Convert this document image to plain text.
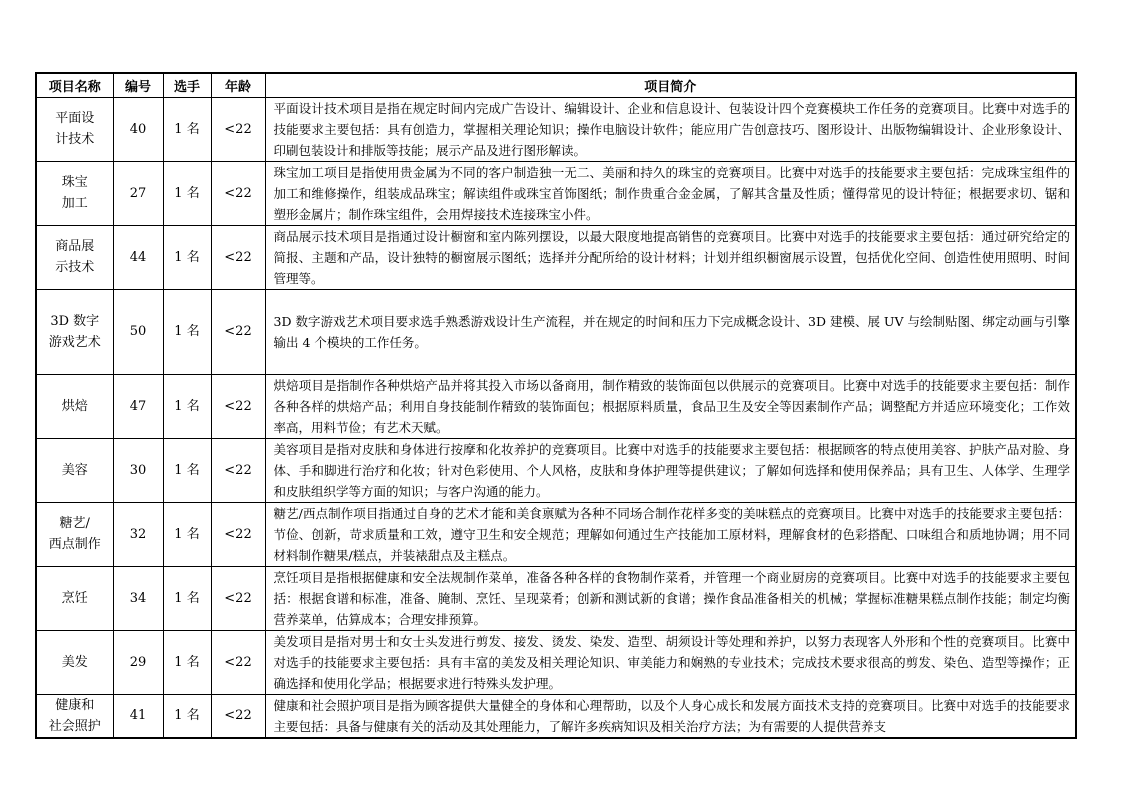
项目名称	编号	选手	年龄	项目简介
平面设
计技术	40	1 名	<22	平面设计技术项目是指在规定时间内完成广告设计、编辑设计、企业和信息设计、包装设计四个竞赛模块工作任务的竞赛项目。比赛中对选手的技能要求主要包括：具有创造力，掌握相关理论知识；操作电脑设计软件；能应用广告创意技巧、图形设计、出版物编辑设计、企业形象设计、印刷包装设计和排版等技能；展示产品及进行图形解读。

珠宝
加工	27	1 名	<22	珠宝加工项目是指使用贵金属为不同的客户制造独一无二、美丽和持久的珠宝的竞赛项目。比赛中对选手的技能要求主要包括：完成珠宝组件的加工和维修操作，组装成品珠宝；解读组件或珠宝首饰图纸；制作贵重合金金属，了解其含量及性质；懂得常见的设计特征；根据要求切、锯和塑形金属片；制作珠宝组件，会用焊接技术连接珠宝小件。

商品展
示技术	44	1 名	<22	商品展示技术项目是指通过设计橱窗和室内陈列摆设，以最大限度地提高销售的竞赛项目。比赛中对选手的技能要求主要包括：通过研究给定的简报、主题和产品，设计独特的橱窗展示图纸；选择并分配所给的设计材料；计划并组织橱窗展示设置，包括优化空间、创造性使用照明、时间管理等。

3D 数字
游戏艺术	50	1 名	<22	3D 数字游戏艺术项目要求选手熟悉游戏设计生产流程，并在规定的时间和压力下完成概念设计、3D 建模、展 UV 与绘制贴图、绑定动画与引擎输出 4 个模块的工作任务。

烘焙	47	1 名	<22	烘焙项目是指制作各种烘焙产品并将其投入市场以备商用，制作精致的装饰面包以供展示的竞赛项目。比赛中对选手的技能要求主要包括：制作各种各样的烘焙产品；利用自身技能制作精致的装饰面包；根据原料质量，食品卫生及安全等因素制作产品；调整配方并适应环境变化；工作效率高，用料节俭；有艺术天赋。

美容	30	1 名	<22	美容项目是指对皮肤和身体进行按摩和化妆养护的竞赛项目。比赛中对选手的技能要求主要包括：根据顾客的特点使用美容、护肤产品对脸、身体、手和脚进行治疗和化妆；针对色彩使用、个人风格，皮肤和身体护理等提供建议；了解如何选择和使用保养品；具有卫生、人体学、生理学和皮肤组织学等方面的知识；与客户沟通的能力。

糖艺/
西点制作	32	1 名	<22	糖艺/西点制作项目指通过自身的艺术才能和美食禀赋为各种不同场合制作花样多变的美味糕点的竞赛项目。比赛中对选手的技能要求主要包括：节俭、创新，苛求质量和工效，遵守卫生和安全规范；理解如何通过生产技能加工原材料，理解食材的色彩搭配、口味组合和质地协调；用不同材料制作糖果/糕点，并装裱甜点及主糕点。

烹饪	34	1 名	<22	烹饪项目是指根据健康和安全法规制作菜单，准备各种各样的食物制作菜肴，并管理一个商业厨房的竞赛项目。比赛中对选手的技能要求主要包括：根据食谱和标准，准备、腌制、烹饪、呈现菜肴；创新和测试新的食谱；操作食品准备相关的机械；掌握标准糖果糕点制作技能；制定均衡营养菜单，估算成本；合理安排预算。

美发	29	1 名	<22	美发项目是指对男士和女士头发进行剪发、接发、烫发、染发、造型、胡须设计等处理和养护，以努力表现客人外形和个性的竞赛项目。比赛中对选手的技能要求主要包括：具有丰富的美发及相关理论知识、审美能力和娴熟的专业技术；完成技术要求很高的剪发、染色、造型等操作；正确选择和使用化学品；根据要求进行特殊头发护理。

健康和
社会照护	41	1 名	<22	健康和社会照护项目是指为顾客提供大量健全的身体和心理帮助，以及个人身心成长和发展方面技术支持的竞赛项目。比赛中对选手的技能要求主要包括：具备与健康有关的活动及其处理能力，了解许多疾病知识及相关治疗方法；为有需要的人提供营养支
